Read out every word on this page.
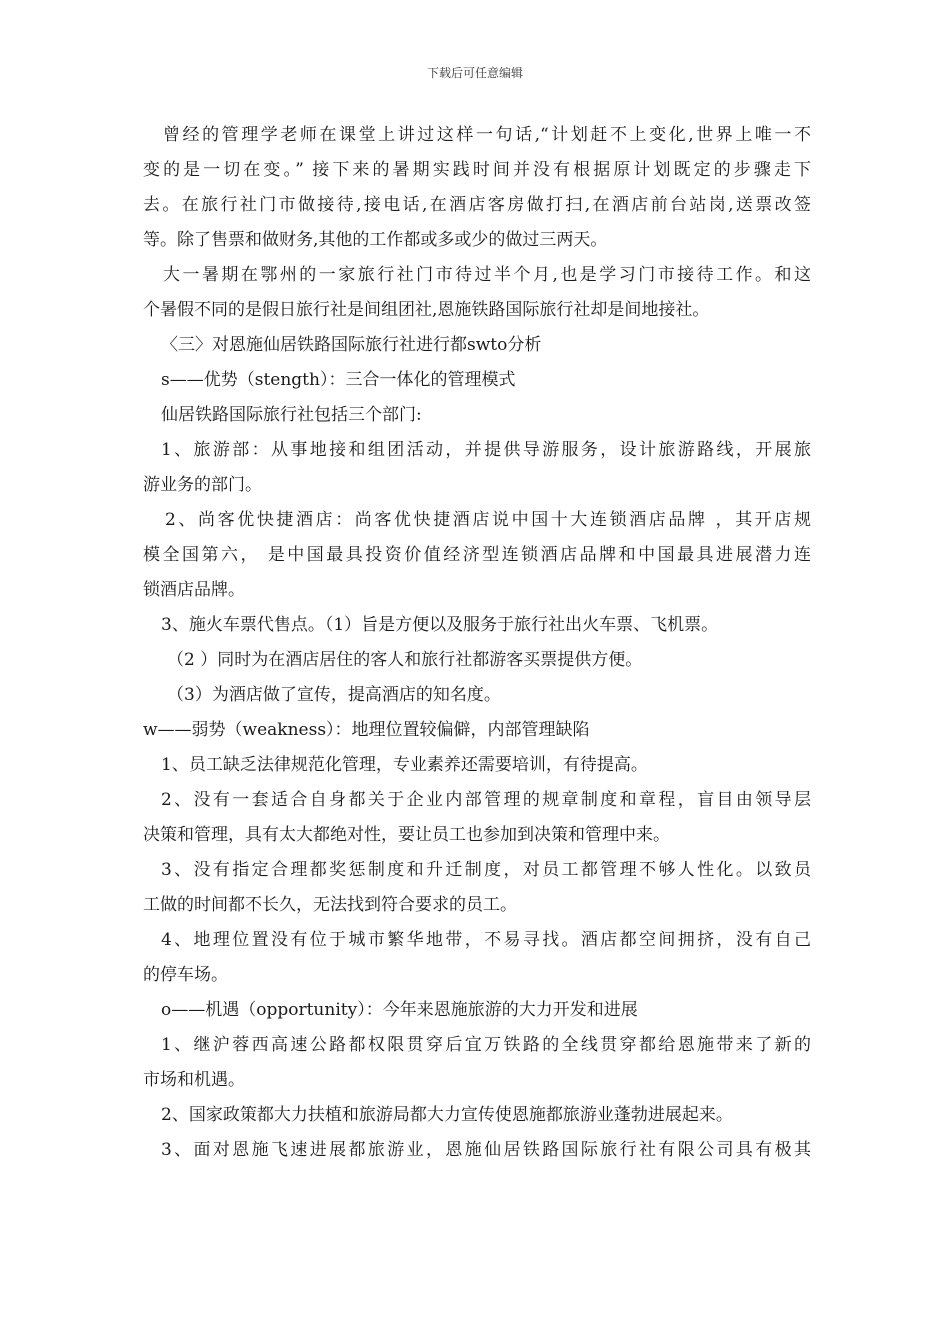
下载后可任意编辑
曾经的管理学老师在课堂上讲过这样一句话,“计划赶不上变化,世界上唯一不
变的是一切在变。” 接下来的暑期实践时间并没有根据原计划既定的步骤走下
去。在旅行社门市做接待,接电话,在酒店客房做打扫,在酒店前台站岗,送票改签
等。除了售票和做财务,其他的工作都或多或少的做过三两天。
大一暑期在鄂州的一家旅行社门市待过半个月,也是学习门市接待工作。和这
个暑假不同的是假日旅行社是间组团社,恩施铁路国际旅行社却是间地接社。
〈三〉对恩施仙居铁路国际旅行社进行都swto分析
s——优势（stength）：三合一体化的管理模式
仙居铁路国际旅行社包括三个部门:
1、旅游部：从事地接和组团活动，并提供导游服务，设计旅游路线，开展旅
游业务的部门。
2、尚客优快捷酒店：尚客优快捷酒店说中国十大连锁酒店品牌 ，其开店规
模全国第六， 是中国最具投资价值经济型连锁酒店品牌和中国最具进展潜力连
锁酒店品牌。
3、施火车票代售点。（1）旨是方便以及服务于旅行社出火车票、飞机票。
（2 ）同时为在酒店居住的客人和旅行社都游客买票提供方便。
（3）为酒店做了宣传，提高酒店的知名度。
w——弱势（weakness）：地理位置较偏僻，内部管理缺陷
1、员工缺乏法律规范化管理，专业素养还需要培训，有待提高。
2、没有一套适合自身都关于企业内部管理的规章制度和章程，盲目由领导层
决策和管理，具有太大都绝对性，要让员工也参加到决策和管理中来。
3、没有指定合理都奖惩制度和升迁制度，对员工都管理不够人性化。以致员
工做的时间都不长久，无法找到符合要求的员工。
4、地理位置没有位于城市繁华地带，不易寻找。酒店都空间拥挤，没有自己
的停车场。
o——机遇（opportunity）：今年来恩施旅游的大力开发和进展
1、继沪蓉西高速公路都权限贯穿后宜万铁路的全线贯穿都给恩施带来了新的
市场和机遇。
2、国家政策都大力扶植和旅游局都大力宣传使恩施都旅游业蓬勃进展起来。
3、面对恩施飞速进展都旅游业，恩施仙居铁路国际旅行社有限公司具有极其
